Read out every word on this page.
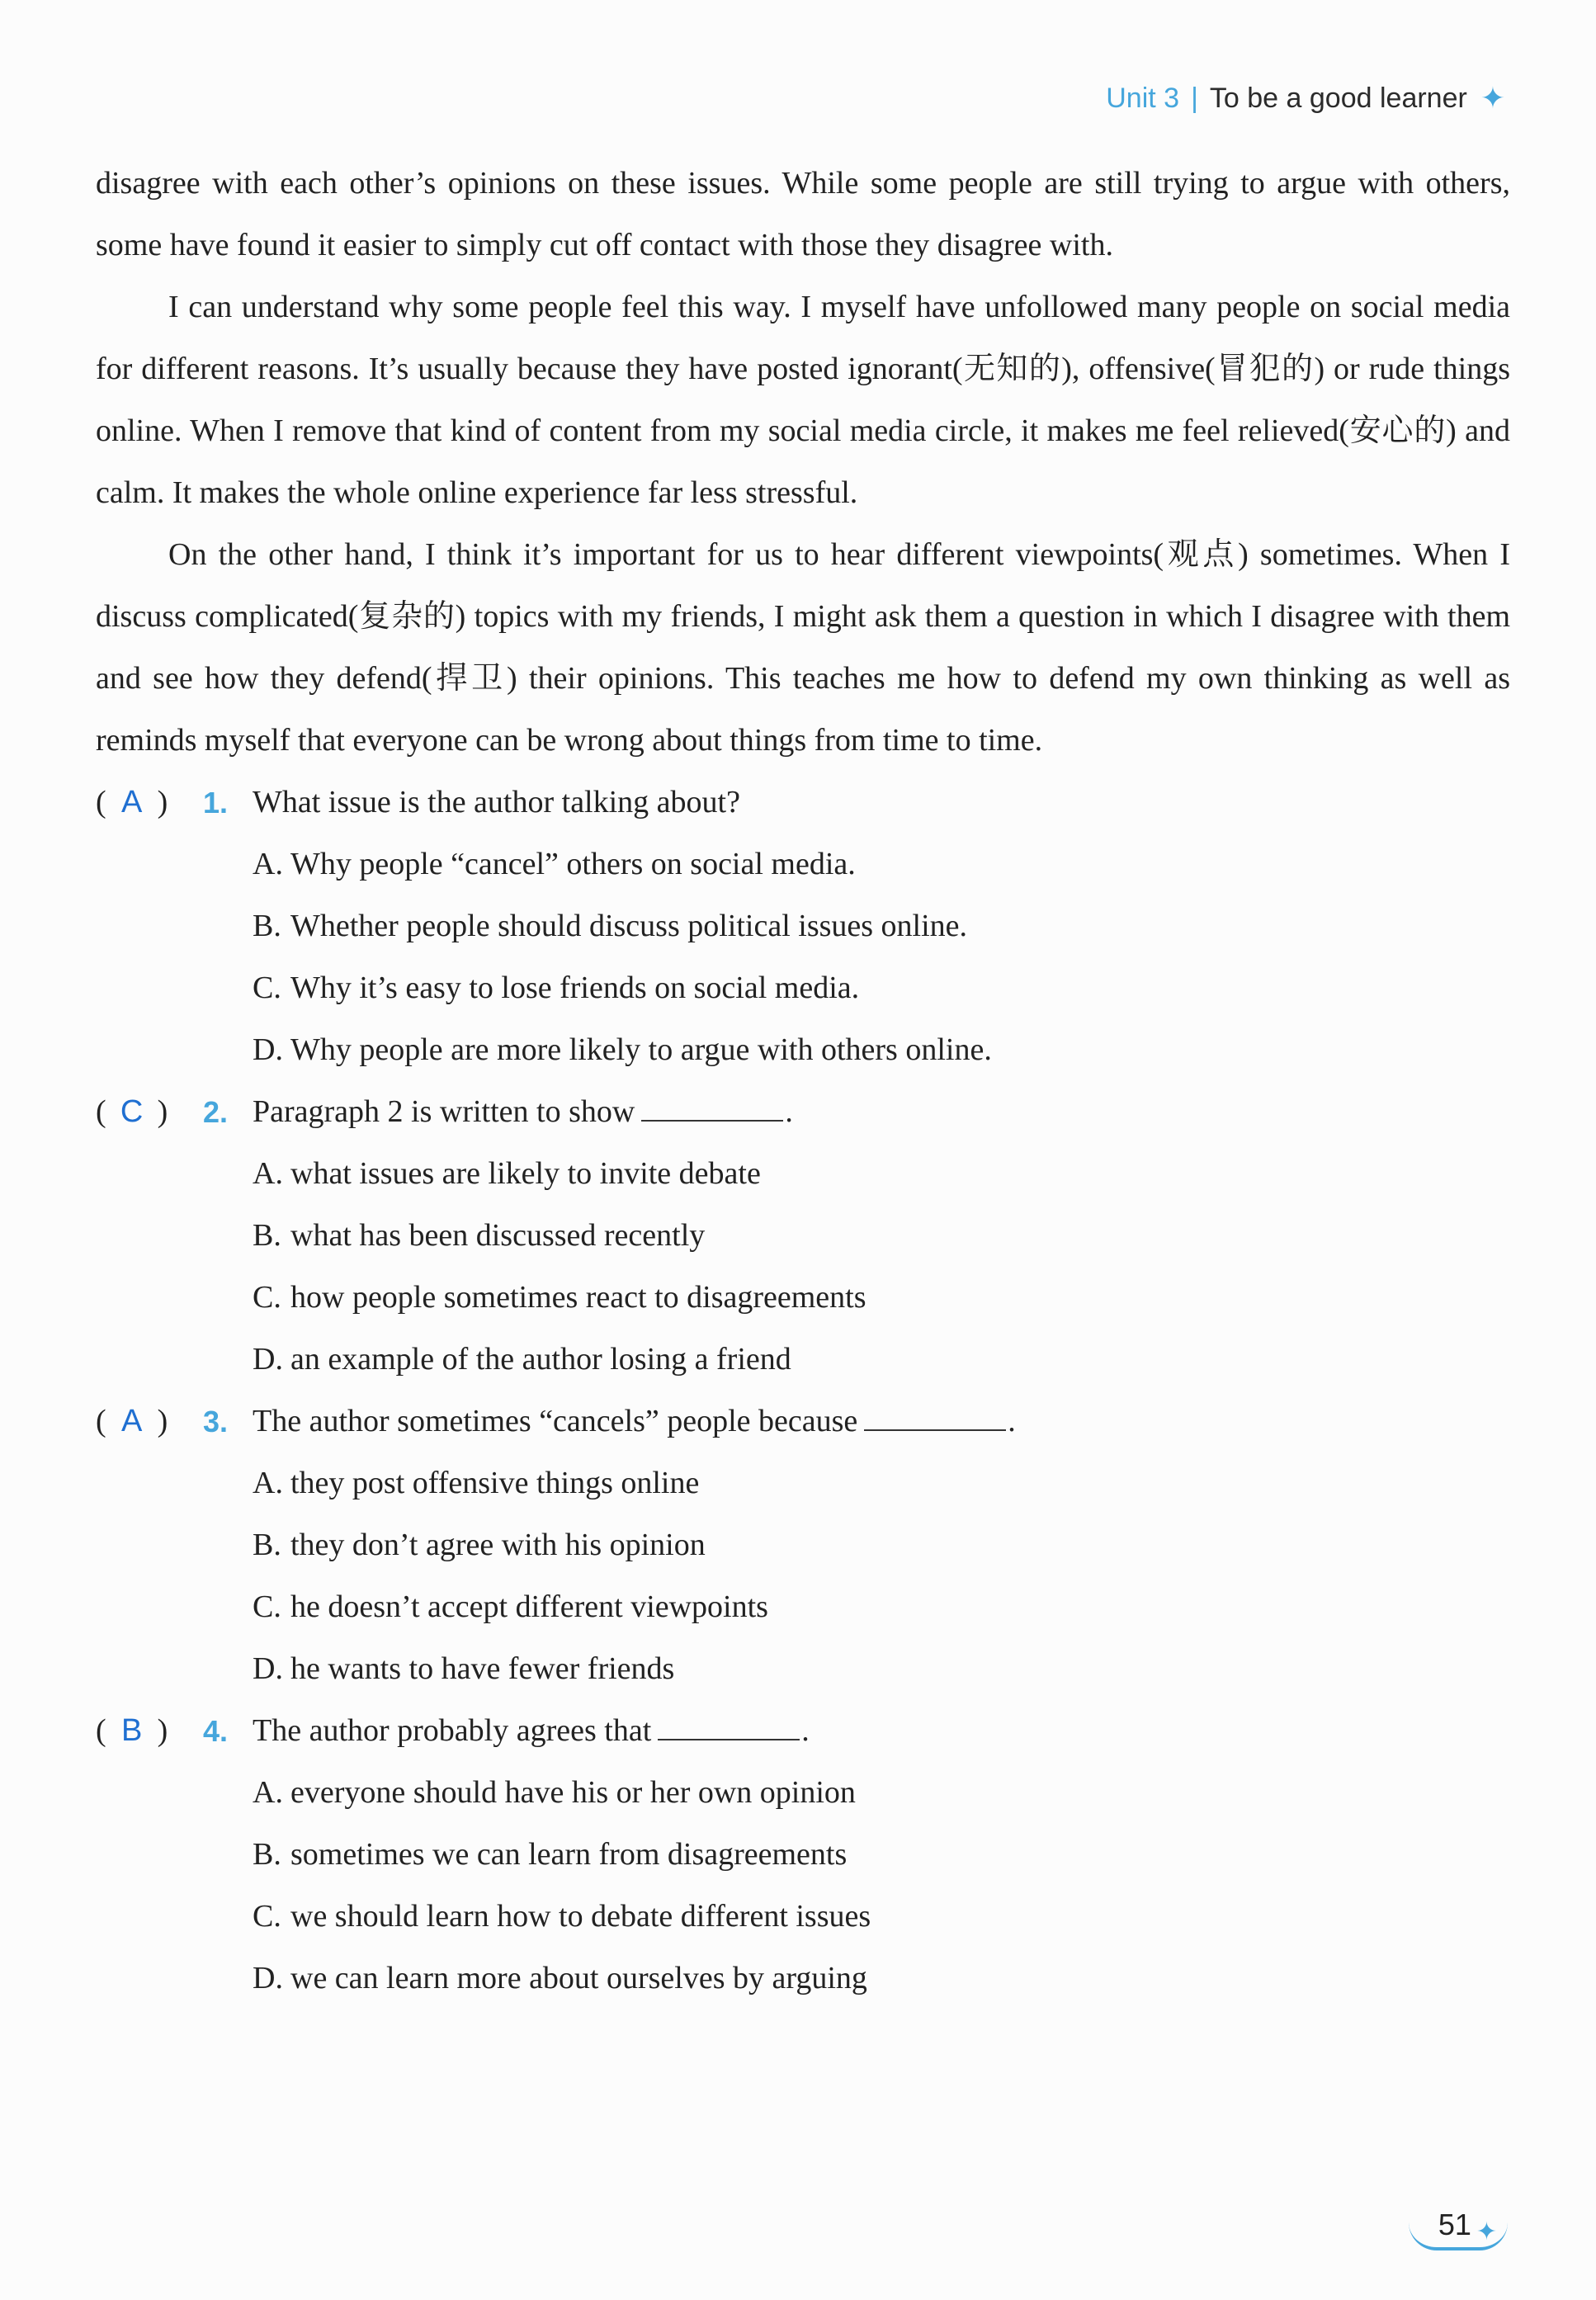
Unit 3 | To be a good learner ✦

disagree with each other’s opinions on these issues. While some people are still trying to argue with others, some have found it easier to simply cut off contact with those they disagree with.

I can understand why some people feel this way. I myself have unfollowed many people on social media for different reasons. It’s usually because they have posted ignorant(无知的), offensive(冒犯的) or rude things online. When I remove that kind of content from my social media circle, it makes me feel relieved(安心的) and calm. It makes the whole online experience far less stressful.

On the other hand, I think it’s important for us to hear different viewpoints(观点) sometimes. When I discuss complicated(复杂的) topics with my friends, I might ask them a question in which I disagree with them and see how they defend(捍卫) their opinions. This teaches me how to defend my own thinking as well as reminds myself that everyone can be wrong about things from time to time.

( A )	1. What issue is the author talking about?
A. Why people “cancel” others on social media.
B. Whether people should discuss political issues online.
C. Why it’s easy to lose friends on social media.
D. Why people are more likely to argue with others online.
( C )	2. Paragraph 2 is written to show	.
A. what issues are likely to invite debate
B. what has been discussed recently
C. how people sometimes react to disagreements
D. an example of the author losing a friend
( A )	3. The author sometimes “cancels” people because	.
A. they post offensive things online
B. they don’t agree with his opinion
C. he doesn’t accept different viewpoints
D. he wants to have fewer friends
( B )	4. The author probably agrees that	.
A. everyone should have his or her own opinion
B. sometimes we can learn from disagreements
C. we should learn how to debate different issues
D. we can learn more about ourselves by arguing
51 ✦
